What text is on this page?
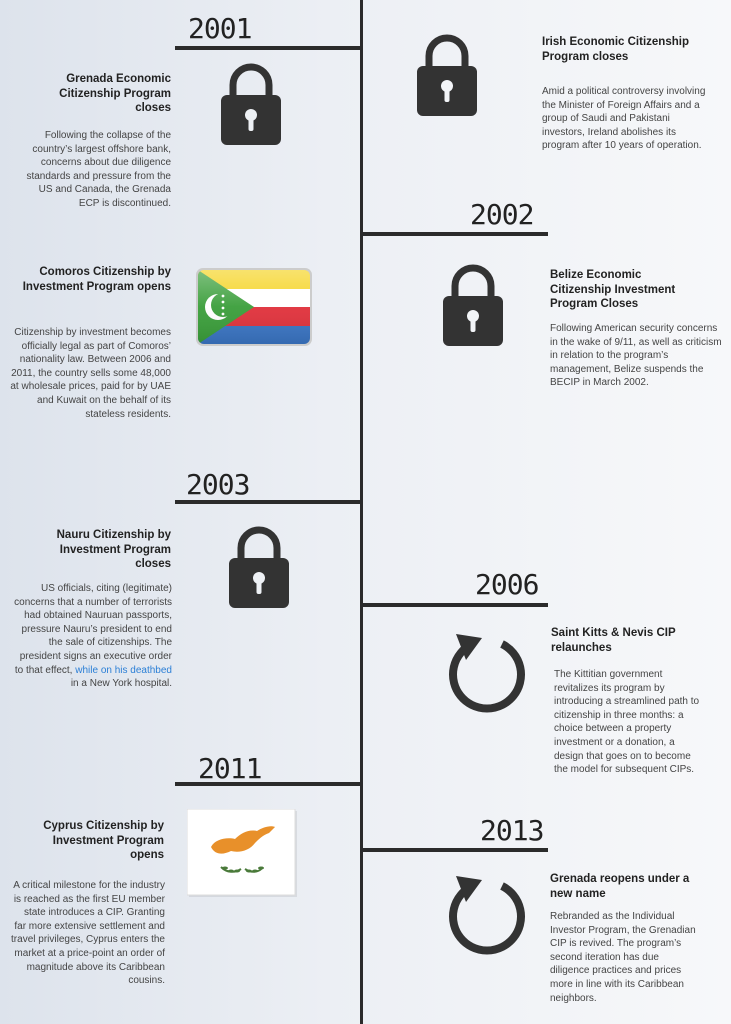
2001
2002
2003
2006
2011
2013
Grenada Economic Citizenship Program closes
Following the collapse of the country’s largest offshore bank, concerns about due diligence standards and pressure from the US and Canada, the Grenada ECP is discontinued.
Irish Economic Citizenship Program closes
Amid a political controversy involving the Minister of Foreign Affairs and a group of Saudi and Pakistani investors, Ireland abolishes its program after 10 years of operation.
Comoros Citizenship by Investment Program opens
Citizenship by investment becomes officially legal as part of Comoros’ nationality law. Between 2006 and 2011, the country sells some 48,000 at wholesale prices, paid for by UAE and Kuwait on the behalf of its stateless residents.
Belize Economic Citizenship Investment Program Closes
Following American security concerns in the wake of 9/11, as well as criticism in relation to the program’s management, Belize suspends the BECIP in March 2002.
Nauru Citizenship by Investment Program closes
US officials, citing (legitimate) concerns that a number of terrorists had obtained Nauruan passports, pressure Nauru’s president to end the sale of citizenships. The president signs an executive order to that effect, while on his deathbed in a New York hospital.
Saint Kitts & Nevis CIP relaunches
The Kittitian government revitalizes its program by introducing a streamlined path to citizenship in three months: a choice between a property investment or a donation, a design that goes on to become the model for subsequent CIPs.
Cyprus Citizenship by Investment Program opens
A critical milestone for the industry is reached as the first EU member state introduces a CIP. Granting far more extensive settlement and travel privileges, Cyprus enters the market at a price-point an order of magnitude above its Caribbean cousins.
Grenada reopens under a new name
Rebranded as the Individual Investor Program, the Grenadian CIP is revived. The program’s second iteration has due diligence practices and prices more in line with its Caribbean neighbors.
